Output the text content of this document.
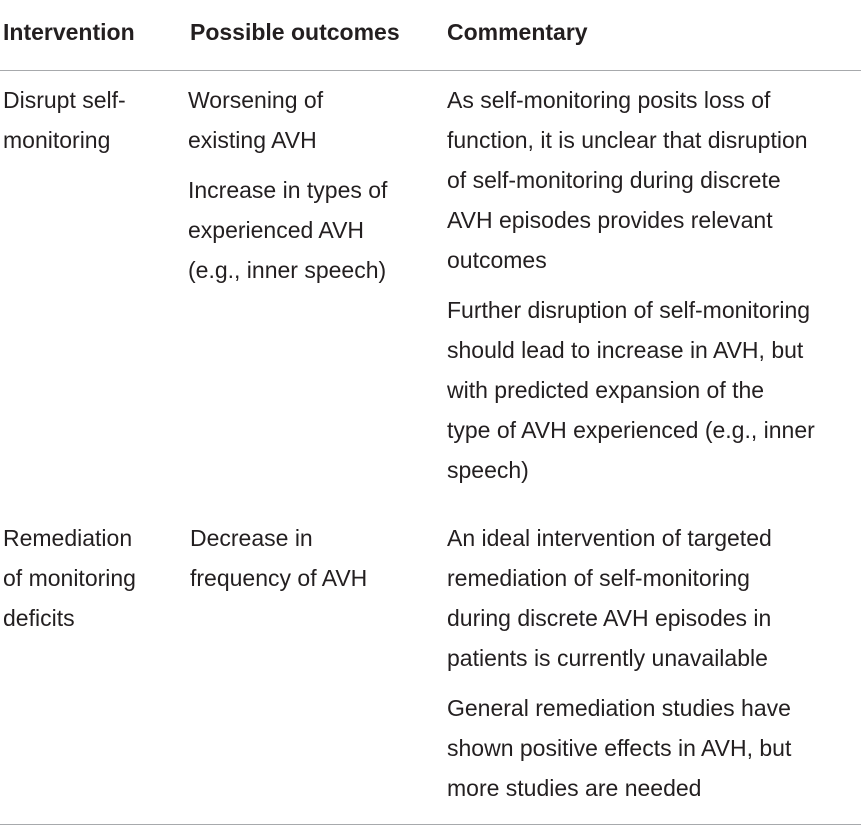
Intervention Possible outcomes Commentary
Disrupt self-
monitoring
Worsening of
existing AVH
Increase in types of
experienced AVH
(e.g., inner speech)
As self-monitoring posits loss of
function, it is unclear that disruption
of self-monitoring during discrete
AVH episodes provides relevant
outcomes
Further disruption of self-monitoring
should lead to increase in AVH, but
with predicted expansion of the
type of AVH experienced (e.g., inner
speech)
Remediation
of monitoring
deficits
Decrease in
frequency of AVH
An ideal intervention of targeted
remediation of self-monitoring
during discrete AVH episodes in
patients is currently unavailable
General remediation studies have
shown positive effects in AVH, but
more studies are needed
